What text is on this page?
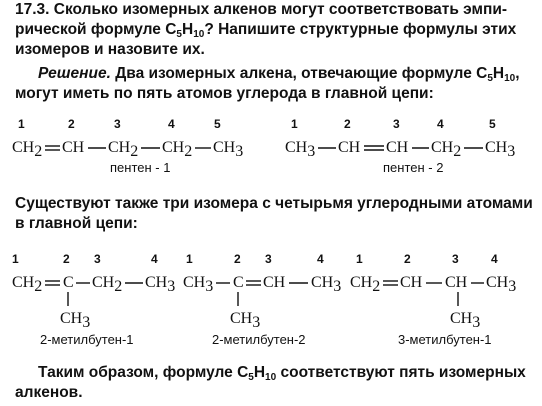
17.3. Сколько изомерных алкенов могут соответствовать эмпи-
рической формуле $C_5H_{10}$? Напишите структурные формулы этих
изомеров и назовите их.
Решение. Два изомерных алкена, отвечающие формуле $C_5H_{10}$,
могут иметь по пять атомов углерода в главной цепи:
1	2	3	4	5
CH2 CH CH2 CH2 CH3
пентен - 1
1	2	3	4	5
CH3 CH CH CH2 CH3
пентен - 2
Существуют также три изомера с четырьмя углеродными атомами
в главной цепи:
1	2 3	4
CH2 C CH2 CH3
CH3
2-метилбутен-1
1	2 3	4
CH3 C CH CH3
CH3
2-метилбутен-2
1	2	3	4
CH2 CH CH CH3
CH3
3-метилбутен-1
Таким образом, формуле $C_5H_{10}$ соответствуют пять изомерных
алкенов.
